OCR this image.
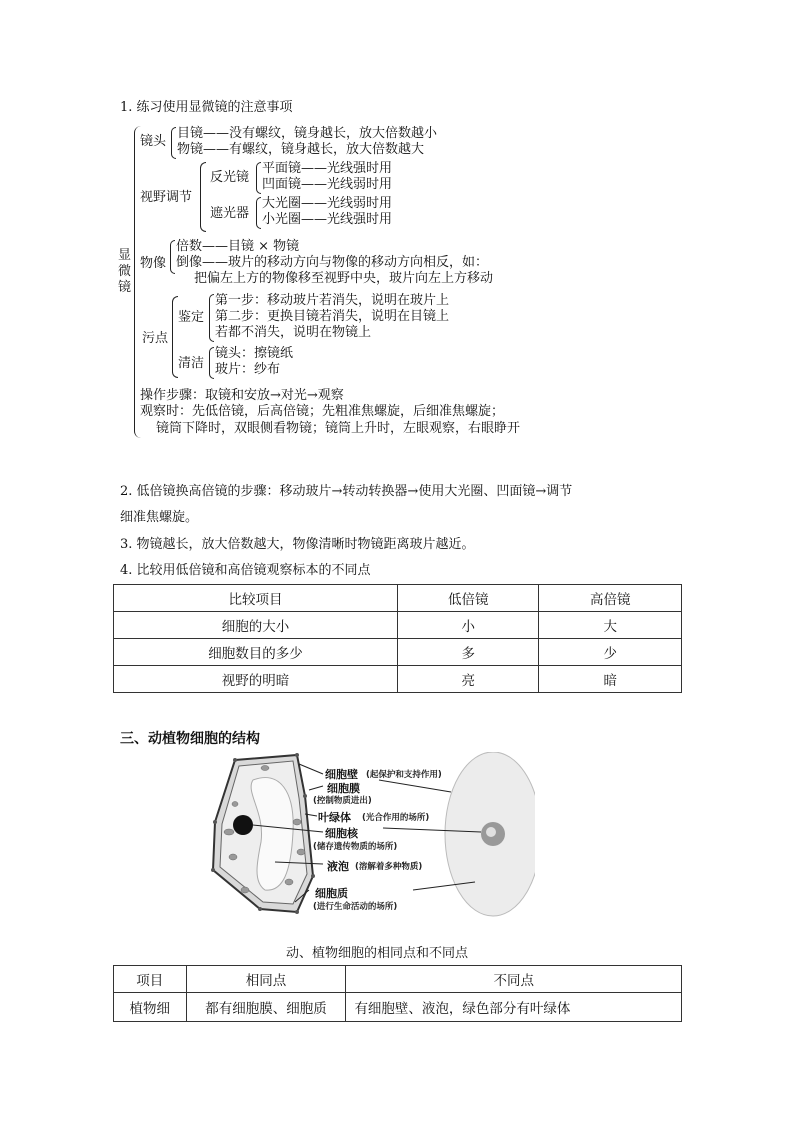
1. 练习使用显微镜的注意事项
显
微
镜
镜头
目镜——没有螺纹，镜身越长，放大倍数越小
物镜——有螺纹，镜身越长，放大倍数越大
视野调节
反光镜
平面镜——光线强时用
凹面镜——光线弱时用
遮光器
大光圈——光线弱时用
小光圈——光线强时用
物像
倍数——目镜 × 物镜
倒像——玻片的移动方向与物像的移动方向相反，如：
把偏左上方的物像移至视野中央，玻片向左上方移动
污点
鉴定
第一步：移动玻片若消失，说明在玻片上
第二步：更换目镜若消失，说明在目镜上
若都不消失，说明在物镜上
清洁
镜头：擦镜纸
玻片：纱布
操作步骤：取镜和安放→对光→观察
观察时：先低倍镜，后高倍镜；先粗准焦螺旋，后细准焦螺旋；
镜筒下降时，双眼侧看物镜；镜筒上升时，左眼观察，右眼睁开
2. 低倍镜换高倍镜的步骤：移动玻片→转动转换器→使用大光圈、凹面镜→调节
细准焦螺旋。
3. 物镜越长，放大倍数越大，物像清晰时物镜距离玻片越近。
4. 比较用低倍镜和高倍镜观察标本的不同点
比较项目	低倍镜	高倍镜
细胞的大小	小	大
细胞数目的多少	多	少
视野的明暗	亮	暗
三、动植物细胞的结构
细胞壁 (起保护和支持作用)
细胞膜
(控制物质进出)
叶绿体 (光合作用的场所)
细胞核
(储存遗传物质的场所)
液泡 (溶解着多种物质)
细胞质
(进行生命活动的场所)
动、植物细胞的相同点和不同点
项目	相同点	不同点
植物细	都有细胞膜、细胞质	有细胞壁、液泡，绿色部分有叶绿体
